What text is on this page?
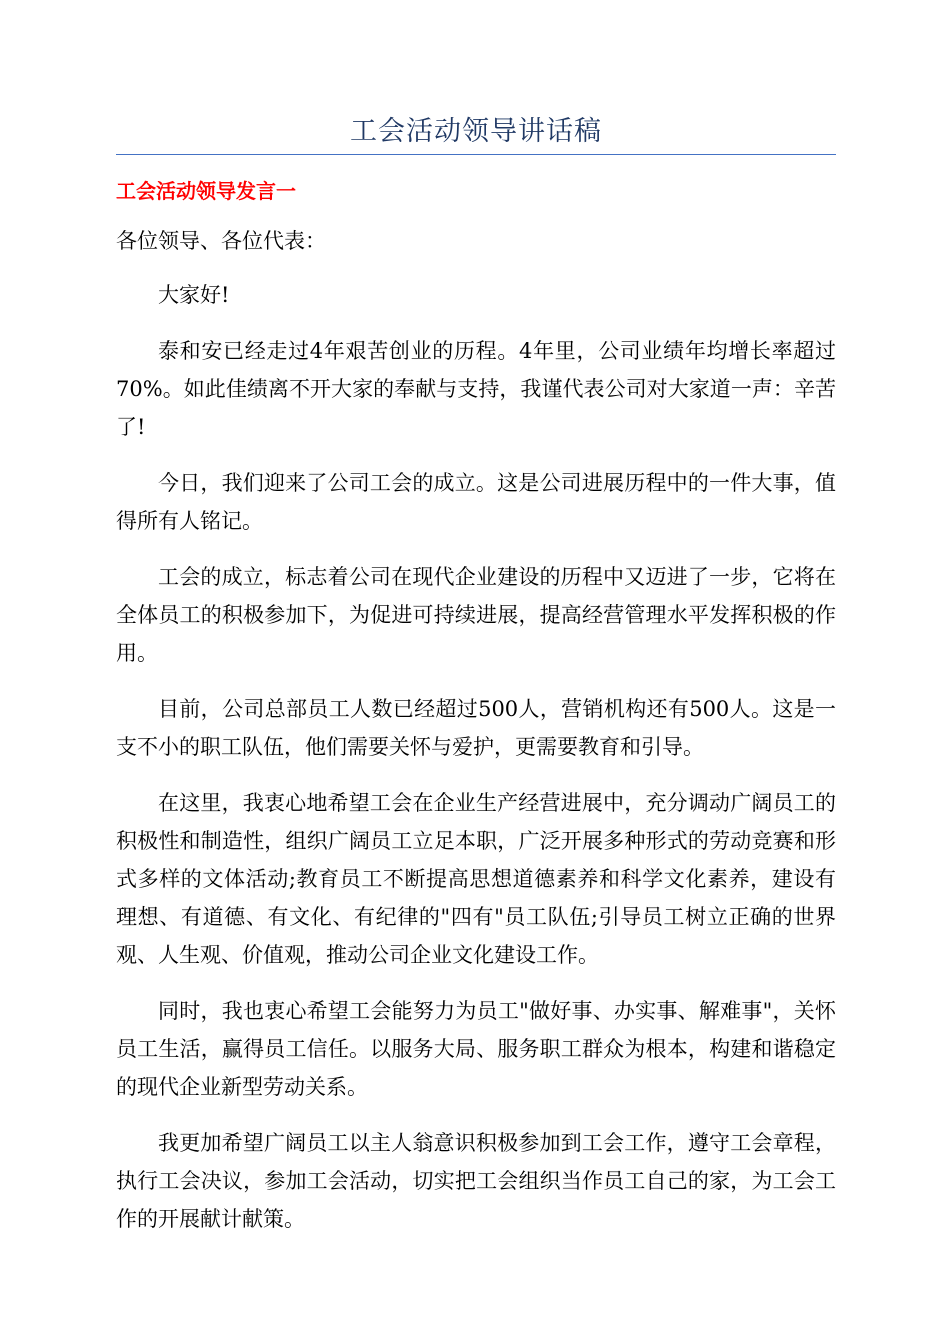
工会活动领导讲话稿
工会活动领导发言一

各位领导、各位代表：

大家好!

泰和安已经走过4年艰苦创业的历程。4年里，公司业绩年均增长率超过70%。如此佳绩离不开大家的奉献与支持，我谨代表公司对大家道一声：辛苦了!

今日，我们迎来了公司工会的成立。这是公司进展历程中的一件大事，值得所有人铭记。

工会的成立，标志着公司在现代企业建设的历程中又迈进了一步，它将在全体员工的积极参加下，为促进可持续进展，提高经营管理水平发挥积极的作用。

目前，公司总部员工人数已经超过500人，营销机构还有500人。这是一支不小的职工队伍，他们需要关怀与爱护，更需要教育和引导。

在这里，我衷心地希望工会在企业生产经营进展中，充分调动广阔员工的积极性和制造性，组织广阔员工立足本职，广泛开展多种形式的劳动竞赛和形式多样的文体活动;教育员工不断提高思想道德素养和科学文化素养，建设有理想、有道德、有文化、有纪律的"四有"员工队伍;引导员工树立正确的世界观、人生观、价值观，推动公司企业文化建设工作。

同时，我也衷心希望工会能努力为员工"做好事、办实事、解难事"，关怀员工生活，赢得员工信任。以服务大局、服务职工群众为根本，构建和谐稳定的现代企业新型劳动关系。

我更加希望广阔员工以主人翁意识积极参加到工会工作，遵守工会章程，执行工会决议，参加工会活动，切实把工会组织当作员工自己的家，为工会工作的开展献计献策。
